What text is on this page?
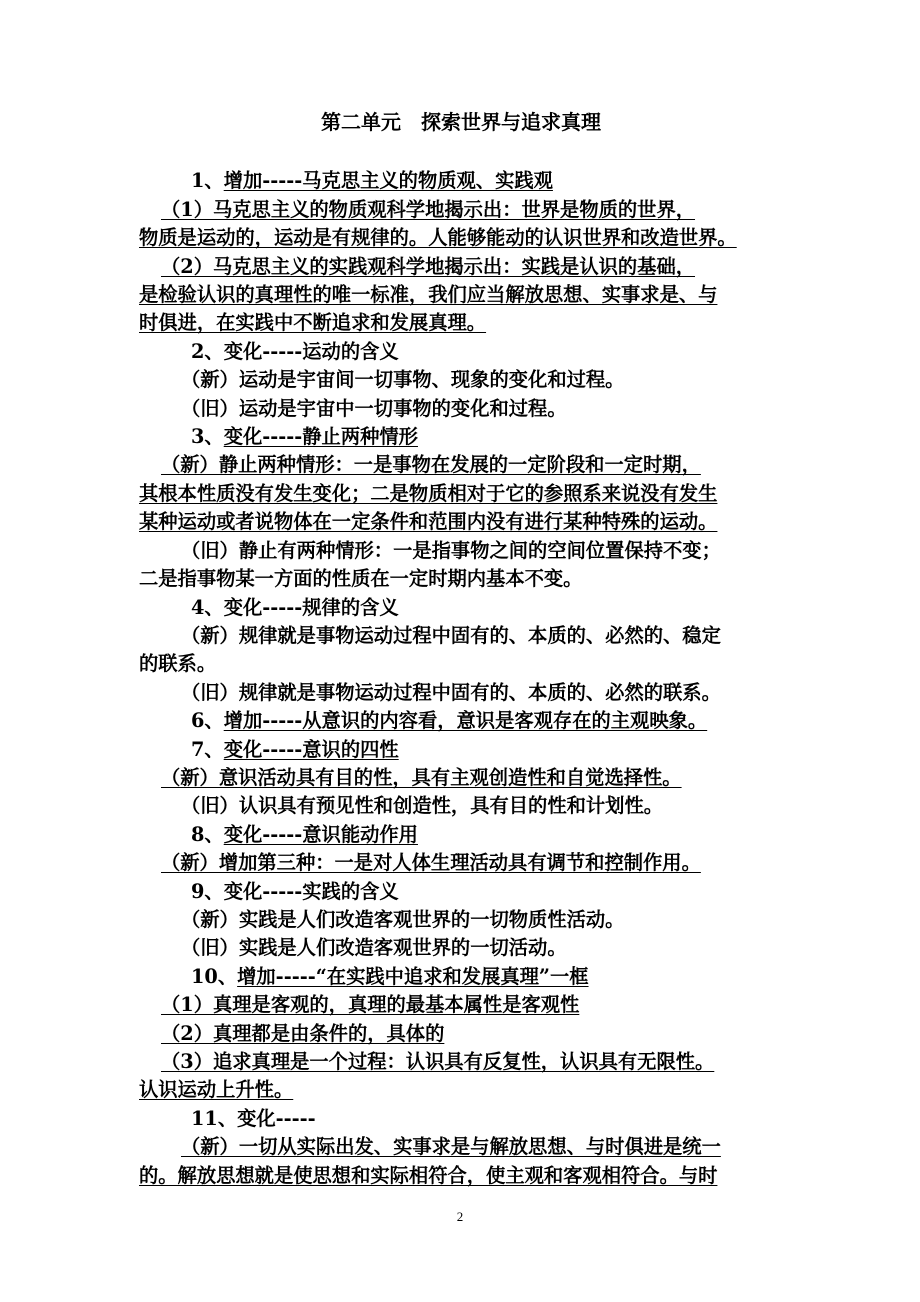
第二单元　探索世界与追求真理

1、增加-----马克思主义的物质观、实践观

（1）马克思主义的物质观科学地揭示出：世界是物质的世界，

物质是运动的，运动是有规律的。人能够能动的认识世界和改造世界。

（2）马克思主义的实践观科学地揭示出：实践是认识的基础，

是检验认识的真理性的唯一标准，我们应当解放思想、实事求是、与

时俱进，在实践中不断追求和发展真理。

2、变化-----运动的含义

（新）运动是宇宙间一切事物、现象的变化和过程。

（旧）运动是宇宙中一切事物的变化和过程。

3、变化-----静止两种情形

（新）静止两种情形：一是事物在发展的一定阶段和一定时期，

其根本性质没有发生变化；二是物质相对于它的参照系来说没有发生

某种运动或者说物体在一定条件和范围内没有进行某种特殊的运动。

（旧）静止有两种情形：一是指事物之间的空间位置保持不变；

二是指事物某一方面的性质在一定时期内基本不变。

4、变化-----规律的含义

（新）规律就是事物运动过程中固有的、本质的、必然的、稳定

的联系。

（旧）规律就是事物运动过程中固有的、本质的、必然的联系。

6、增加-----从意识的内容看，意识是客观存在的主观映象。

7、变化-----意识的四性

（新）意识活动具有目的性，具有主观创造性和自觉选择性。

（旧）认识具有预见性和创造性，具有目的性和计划性。

8、变化-----意识能动作用

（新）增加第三种：一是对人体生理活动具有调节和控制作用。

9、变化-----实践的含义

（新）实践是人们改造客观世界的一切物质性活动。

（旧）实践是人们改造客观世界的一切活动。

10、增加-----“在实践中追求和发展真理”一框

（1）真理是客观的，真理的最基本属性是客观性

（2）真理都是由条件的，具体的

（3）追求真理是一个过程：认识具有反复性，认识具有无限性。

认识运动上升性。

11、变化-----

（新）一切从实际出发、实事求是与解放思想、与时俱进是统一

的。解放思想就是使思想和实际相符合，使主观和客观相符合。与时

2
